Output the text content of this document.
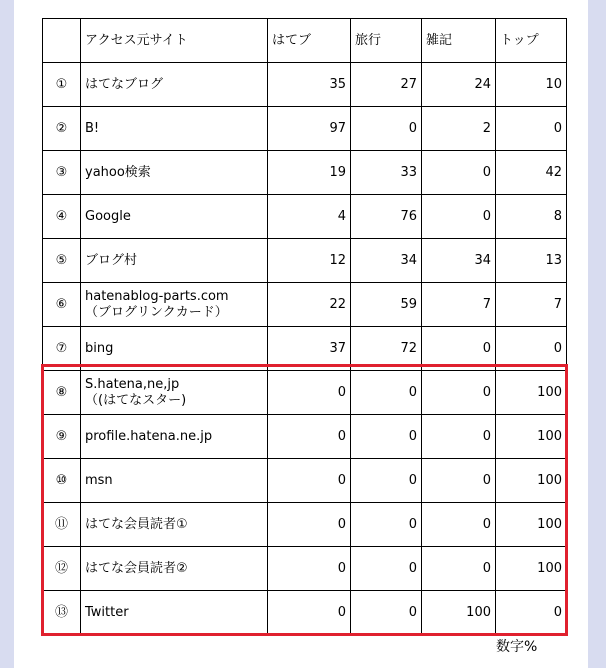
	アクセス元サイト	はてブ	旅行	雑記	トップ
①	はてなブログ	35	27	24	10
②	B!	97	0	2	0
③	yahoo検索	19	33	0	42
④	Google	4	76	0	8
⑤	ブログ村	12	34	34	13
⑥	hatenablog-parts.com
（ブログリンクカード）	22	59	7	7
⑦	bing	37	72	0	0
⑧	S.hatena,ne,jp
（(はてなスター)	0	0	0	100
⑨	profile.hatena.ne.jp	0	0	0	100
⑩	msn	0	0	0	100
⑪	はてな会員読者①	0	0	0	100
⑫	はてな会員読者②	0	0	0	100
⑬	Twitter	0	0	100	0
数字%
